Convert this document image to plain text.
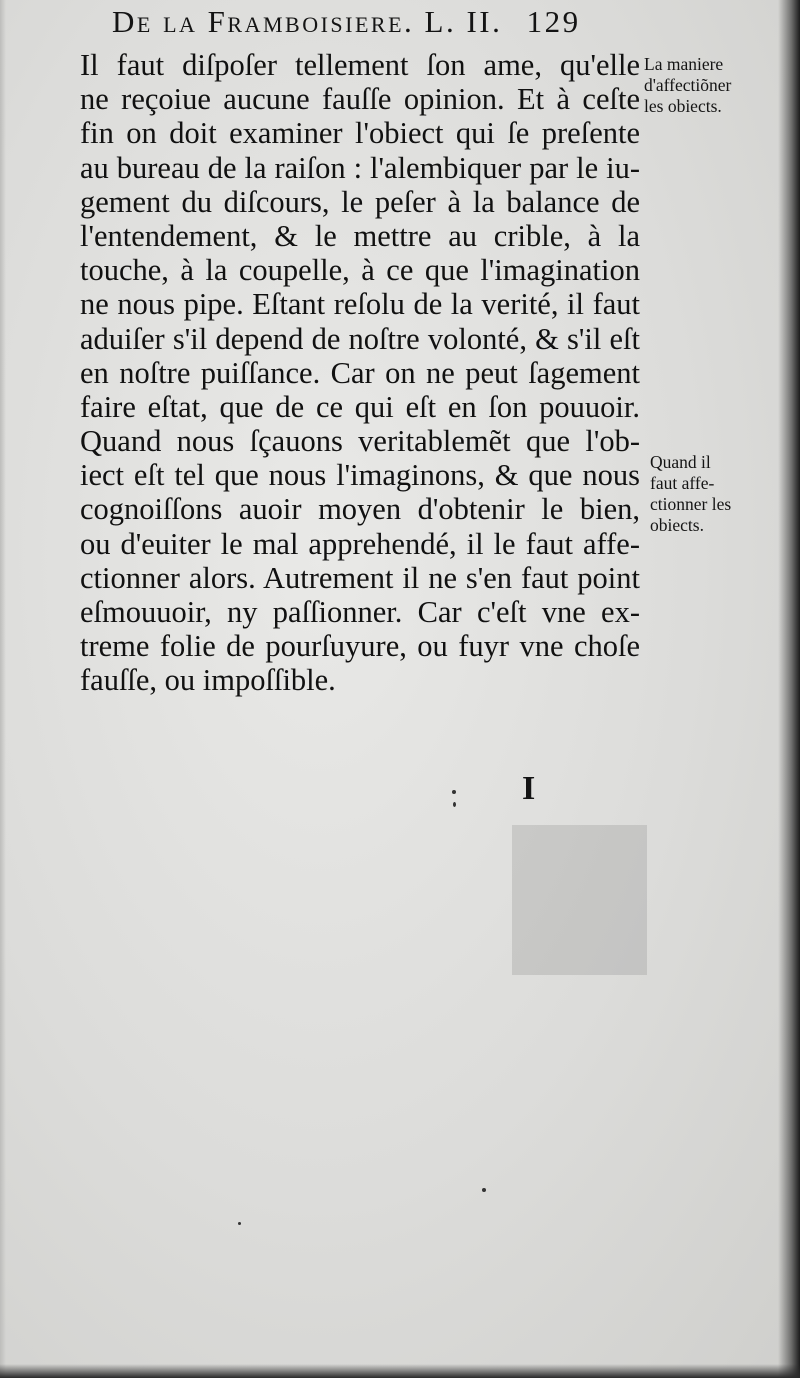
De la Framboisiere. L. II. 129
Il faut diſpoſer tellement ſon ame, qu'elle
ne reçoiue aucune fauſſe opinion. Et à ceſte
fin on doit examiner l'obiect qui ſe preſente
au bureau de la raiſon : l'alembiquer par le iu-
gement du diſcours, le peſer à la balance de
l'entendement, & le mettre au crible, à la
touche, à la coupelle, à ce que l'imagination
ne nous pipe. Eſtant reſolu de la verité, il faut
aduiſer s'il depend de noſtre volonté, & s'il eſt
en noſtre puiſſance. Car on ne peut ſagement
faire eſtat, que de ce qui eſt en ſon pouuoir.
Quand nous ſçauons veritablemẽt que l'ob-
iect eſt tel que nous l'imaginons, & que nous
cognoiſſons auoir moyen d'obtenir le bien,
ou d'euiter le mal apprehendé, il le faut affe-
ctionner alors. Autrement il ne s'en faut point
eſmouuoir, ny paſſionner. Car c'eſt vne ex-
treme folie de pourſuyure, ou fuyr vne choſe
fauſſe, ou impoſſible.
La maniere
d'affectiõner
les obiects.
Quand il
faut affe-
ctionner les
obiects.
I
